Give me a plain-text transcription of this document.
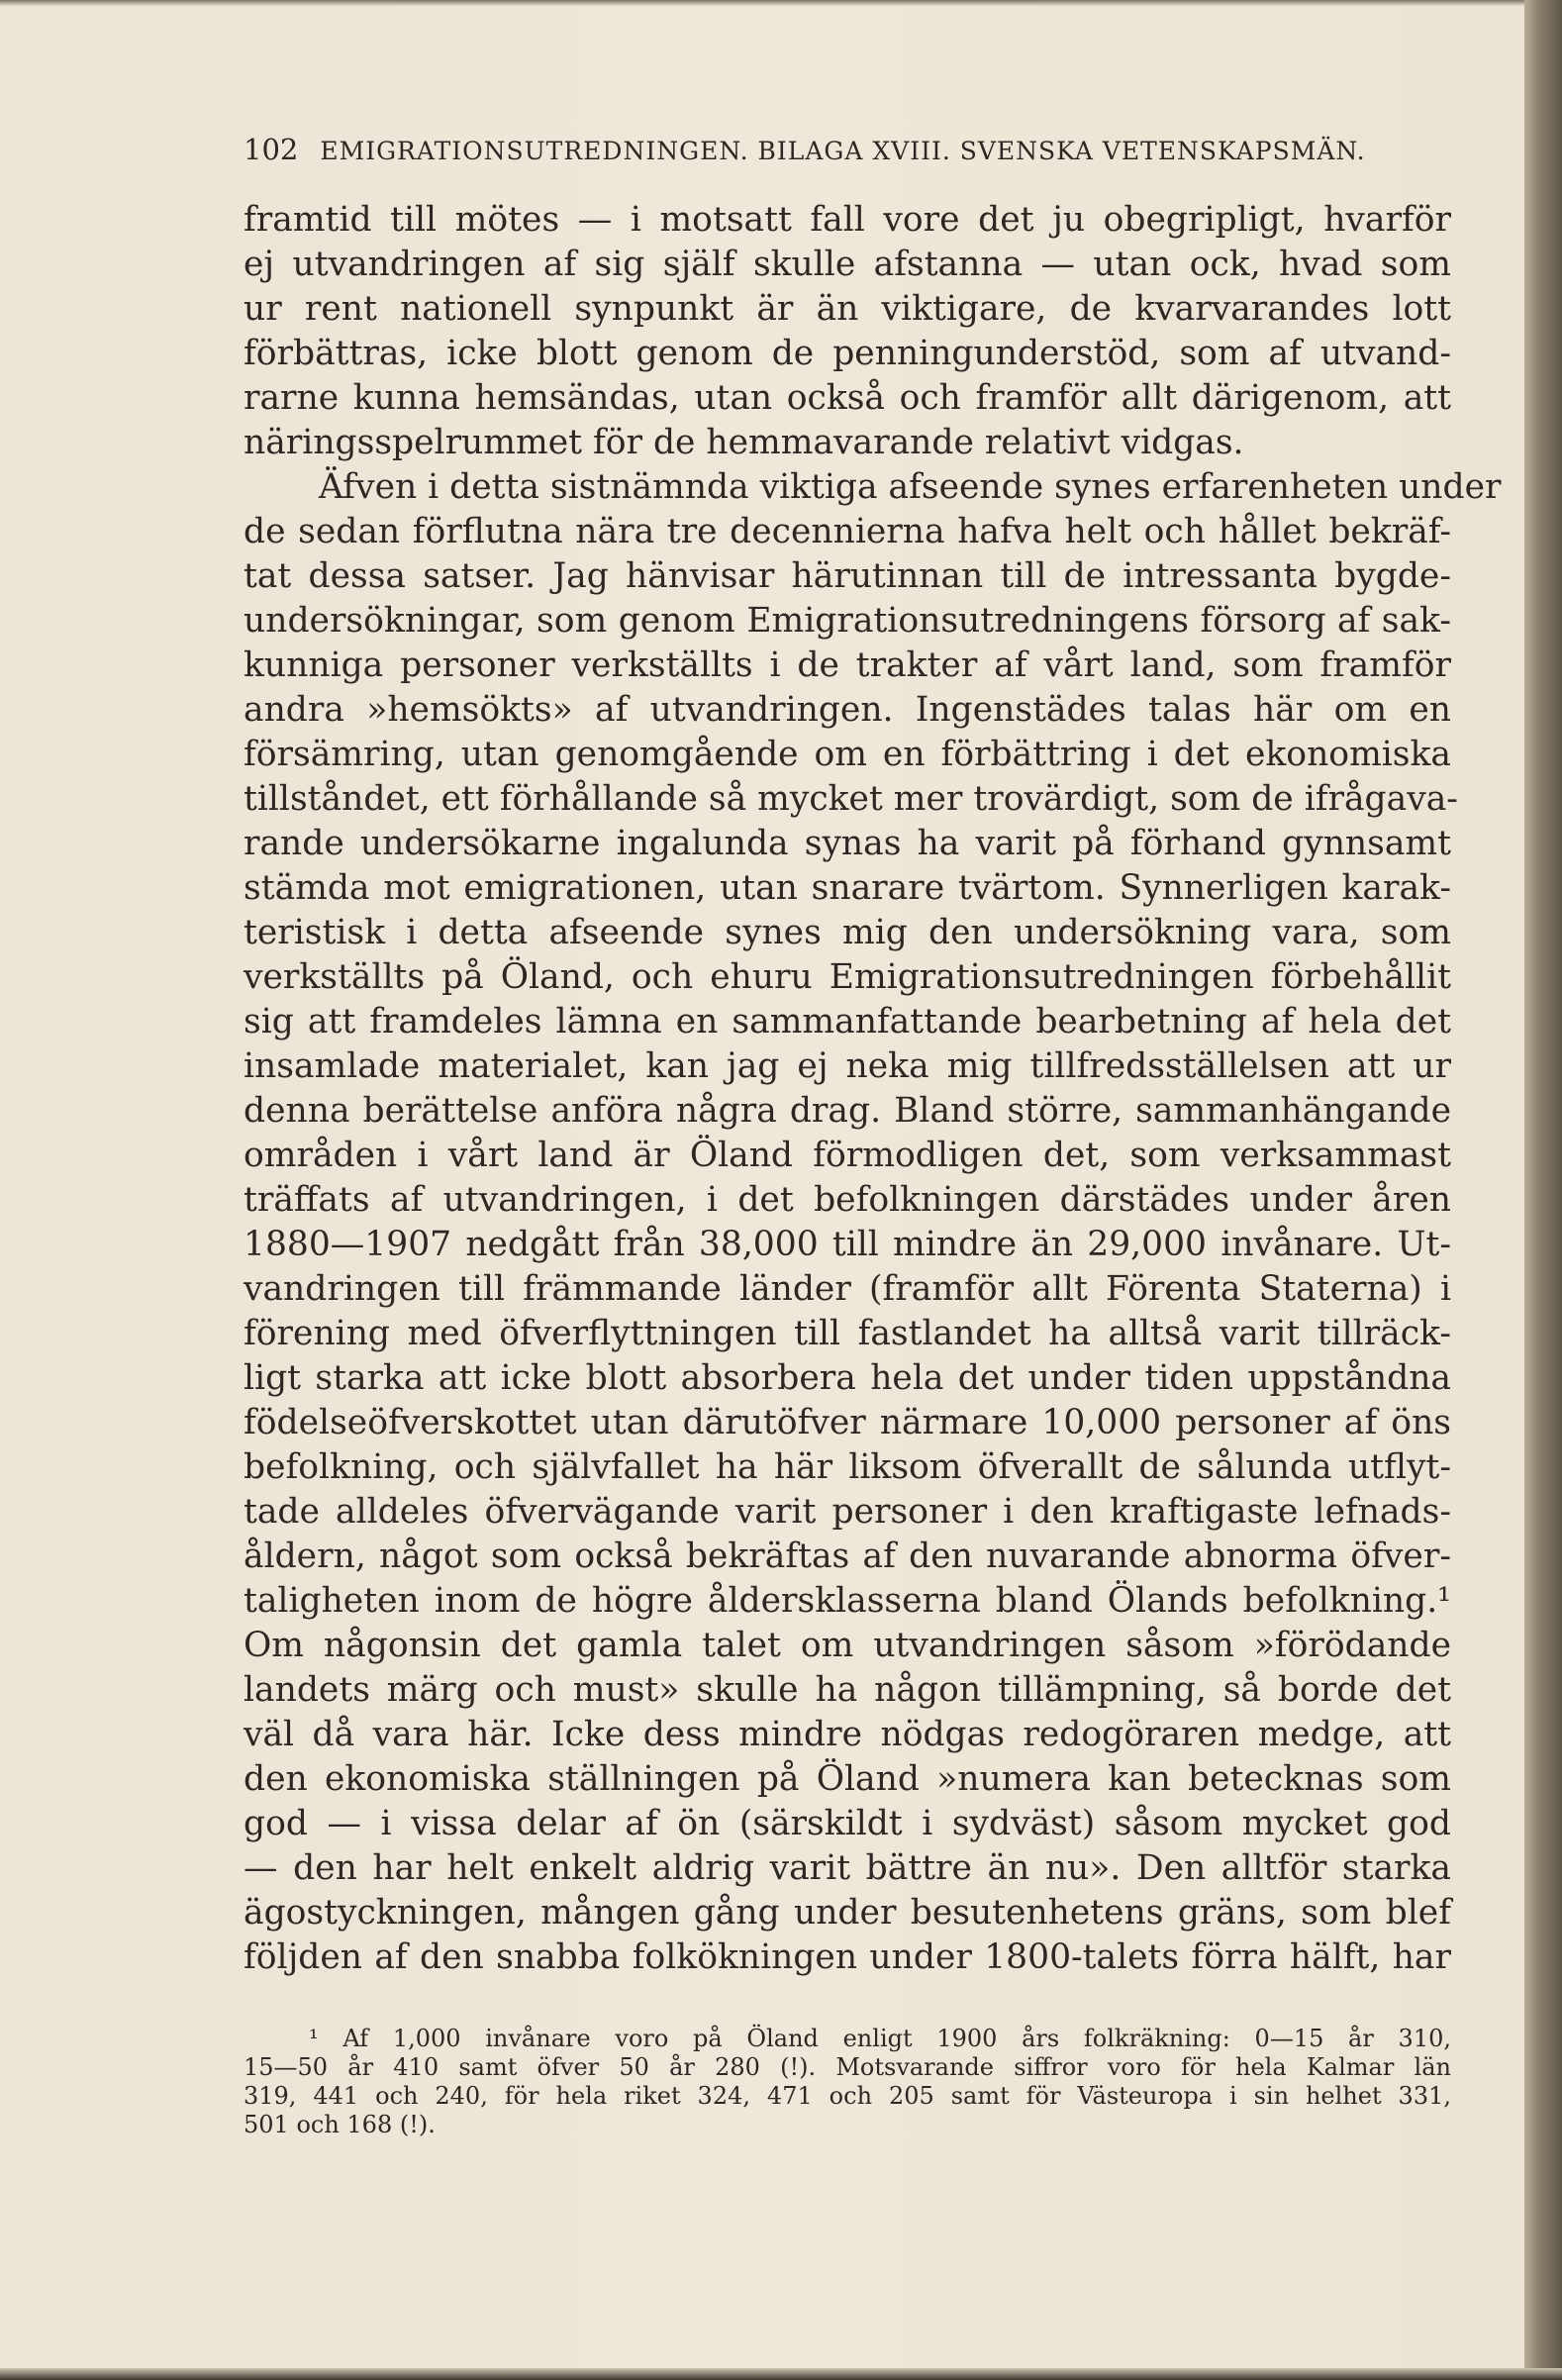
102 EMIGRATIONSUTREDNINGEN. BILAGA XVIII. SVENSKA VETENSKAPSMÄN.
framtid till mötes — i motsatt fall vore det ju obegripligt, hvarför
ej utvandringen af sig själf skulle afstanna — utan ock, hvad som
ur rent nationell synpunkt är än viktigare, de kvarvarandes lott
förbättras, icke blott genom de penningunderstöd, som af utvand-
rarne kunna hemsändas, utan också och framför allt därigenom, att
näringsspelrummet för de hemmavarande relativt vidgas.
Äfven i detta sistnämnda viktiga afseende synes erfarenheten under
de sedan förflutna nära tre decennierna hafva helt och hållet bekräf-
tat dessa satser. Jag hänvisar härutinnan till de intressanta bygde-
undersökningar, som genom Emigrationsutredningens försorg af sak-
kunniga personer verkställts i de trakter af vårt land, som framför
andra »hemsökts» af utvandringen. Ingenstädes talas här om en
försämring, utan genomgående om en förbättring i det ekonomiska
tillståndet, ett förhållande så mycket mer trovärdigt, som de ifrågava-
rande undersökarne ingalunda synas ha varit på förhand gynnsamt
stämda mot emigrationen, utan snarare tvärtom. Synnerligen karak-
teristisk i detta afseende synes mig den undersökning vara, som
verkställts på Öland, och ehuru Emigrationsutredningen förbehållit
sig att framdeles lämna en sammanfattande bearbetning af hela det
insamlade materialet, kan jag ej neka mig tillfredsställelsen att ur
denna berättelse anföra några drag. Bland större, sammanhängande
områden i vårt land är Öland förmodligen det, som verksammast
träffats af utvandringen, i det befolkningen därstädes under åren
1880—1907 nedgått från 38,000 till mindre än 29,000 invånare. Ut-
vandringen till främmande länder (framför allt Förenta Staterna) i
förening med öfverflyttningen till fastlandet ha alltså varit tillräck-
ligt starka att icke blott absorbera hela det under tiden uppståndna
födelseöfverskottet utan därutöfver närmare 10,000 personer af öns
befolkning, och självfallet ha här liksom öfverallt de sålunda utflyt-
tade alldeles öfvervägande varit personer i den kraftigaste lefnads-
åldern, något som också bekräftas af den nuvarande abnorma öfver-
taligheten inom de högre åldersklasserna bland Ölands befolkning.¹
Om någonsin det gamla talet om utvandringen såsom »förödande
landets märg och must» skulle ha någon tillämpning, så borde det
väl då vara här. Icke dess mindre nödgas redogöraren medge, att
den ekonomiska ställningen på Öland »numera kan betecknas som
god — i vissa delar af ön (särskildt i sydväst) såsom mycket god
— den har helt enkelt aldrig varit bättre än nu». Den alltför starka
ägostyckningen, mången gång under besutenhetens gräns, som blef
följden af den snabba folkökningen under 1800-talets förra hälft, har
¹ Af 1,000 invånare voro på Öland enligt 1900 års folkräkning: 0—15 år 310,
15—50 år 410 samt öfver 50 år 280 (!). Motsvarande siffror voro för hela Kalmar län
319, 441 och 240, för hela riket 324, 471 och 205 samt för Västeuropa i sin helhet 331,
501 och 168 (!).
